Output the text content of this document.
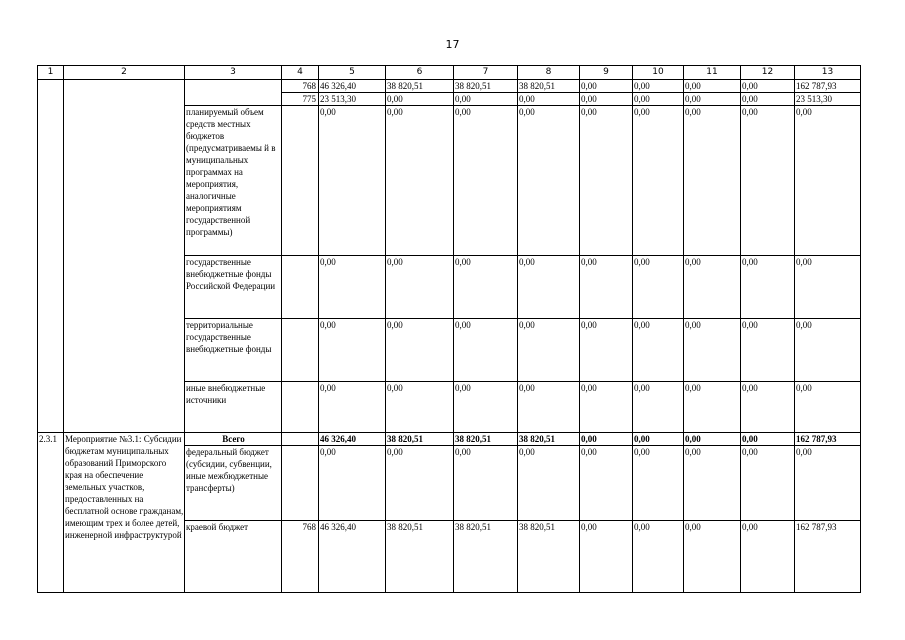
17
1	2	3	4	5	6	7	8	9	10	11	12	13
			768	46 326,40	38 820,51	38 820,51	38 820,51	0,00	0,00	0,00	0,00	162 787,93
			775	23 513,30	0,00	0,00	0,00	0,00	0,00	0,00	0,00	23 513,30
		планируемый объем средств местных бюджетов (предусматриваемы й в муниципальных программах на мероприятия, аналогичные мероприятиям государственной программы)		0,00	0,00	0,00	0,00	0,00	0,00	0,00	0,00	0,00
		государственные внебюджетные фонды Российской Федерации		0,00	0,00	0,00	0,00	0,00	0,00	0,00	0,00	0,00
		территориальные государственные внебюджетные фонды		0,00	0,00	0,00	0,00	0,00	0,00	0,00	0,00	0,00
		иные внебюджетные источники		0,00	0,00	0,00	0,00	0,00	0,00	0,00	0,00	0,00
2.3.1	Мероприятие №3.1: Субсидии бюджетам муниципальных образований Приморского края на обеспечение земельных участков, предоставленных на бесплатной основе гражданам, имеющим трех и более детей, инженерной инфраструктурой	Всего		46 326,40	38 820,51	38 820,51	38 820,51	0,00	0,00	0,00	0,00	162 787,93
		федеральный бюджет (субсидии, субвенции, иные межбюджетные трансферты)		0,00	0,00	0,00	0,00	0,00	0,00	0,00	0,00	0,00
		краевой бюджет	768	46 326,40	38 820,51	38 820,51	38 820,51	0,00	0,00	0,00	0,00	162 787,93
